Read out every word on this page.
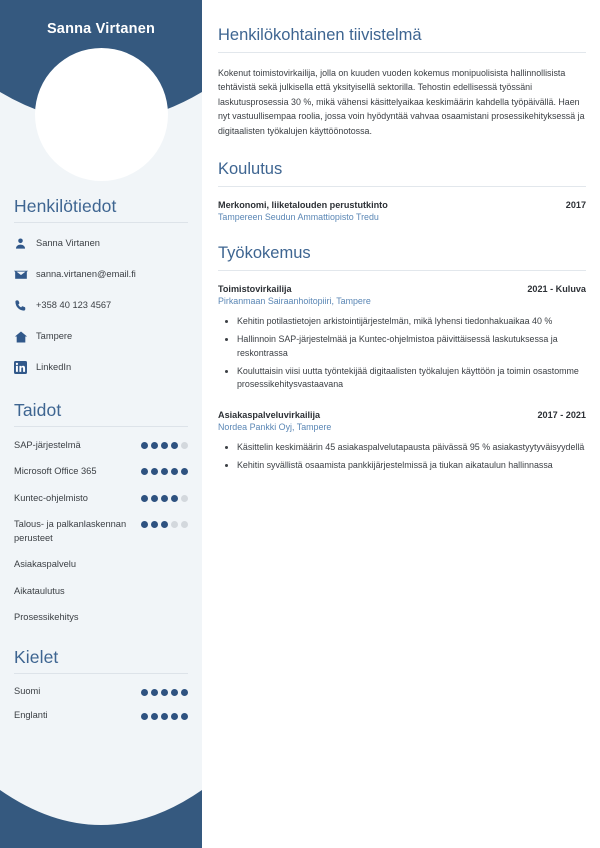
Sanna Virtanen
Henkilötiedot
Sanna Virtanen
sanna.virtanen@email.fi
+358 40 123 4567
Tampere
LinkedIn
Taidot
SAP-järjestelmä
Microsoft Office 365
Kuntec-ohjelmisto
Talous- ja palkanlaskennan perusteet
Asiakaspalvelu
Aikataulutus
Prosessikehitys
Kielet
Suomi
Englanti
Henkilökohtainen tiivistelmä

Kokenut toimistovirkailija, jolla on kuuden vuoden kokemus monipuolisista hallinnollisista tehtävistä sekä julkisella että yksityisellä sektorilla. Tehostin edellisessä työssäni laskutusprosessia 30 %, mikä vähensi käsittelyaikaa keskimäärin kahdella työpäivällä. Haen nyt vastuullisempaa roolia, jossa voin hyödyntää vahvaa osaamistani prosessikehityksessä ja digitaalisten työkalujen käyttöönotossa.

Koulutus
Merkonomi, liiketalouden perustutkinto	2017
Tampereen Seudun Ammattiopisto Tredu
Työkokemus
Toimistovirkailija	2021 - Kuluva
Pirkanmaan Sairaanhoitopiiri, Tampere
• Kehitin potilastietojen arkistointijärjestelmän, mikä lyhensi tiedonhakuaikaa 40 %
• Hallinnoin SAP-järjestelmää ja Kuntec-ohjelmistoa päivittäisessä laskutuksessa ja reskontrassa
• Kouluttaisin viisi uutta työntekijää digitaalisten työkalujen käyttöön ja toimin osastomme prosessikehitysvastaavana
Asiakaspalveluvirkailija	2017 - 2021
Nordea Pankki Oyj, Tampere
• Käsittelin keskimäärin 45 asiakaspalvelutapausta päivässä 95 % asiakastyytyväisyydellä
• Kehitin syvällistä osaamista pankkijärjestelmissä ja tiukan aikataulun hallinnassa
